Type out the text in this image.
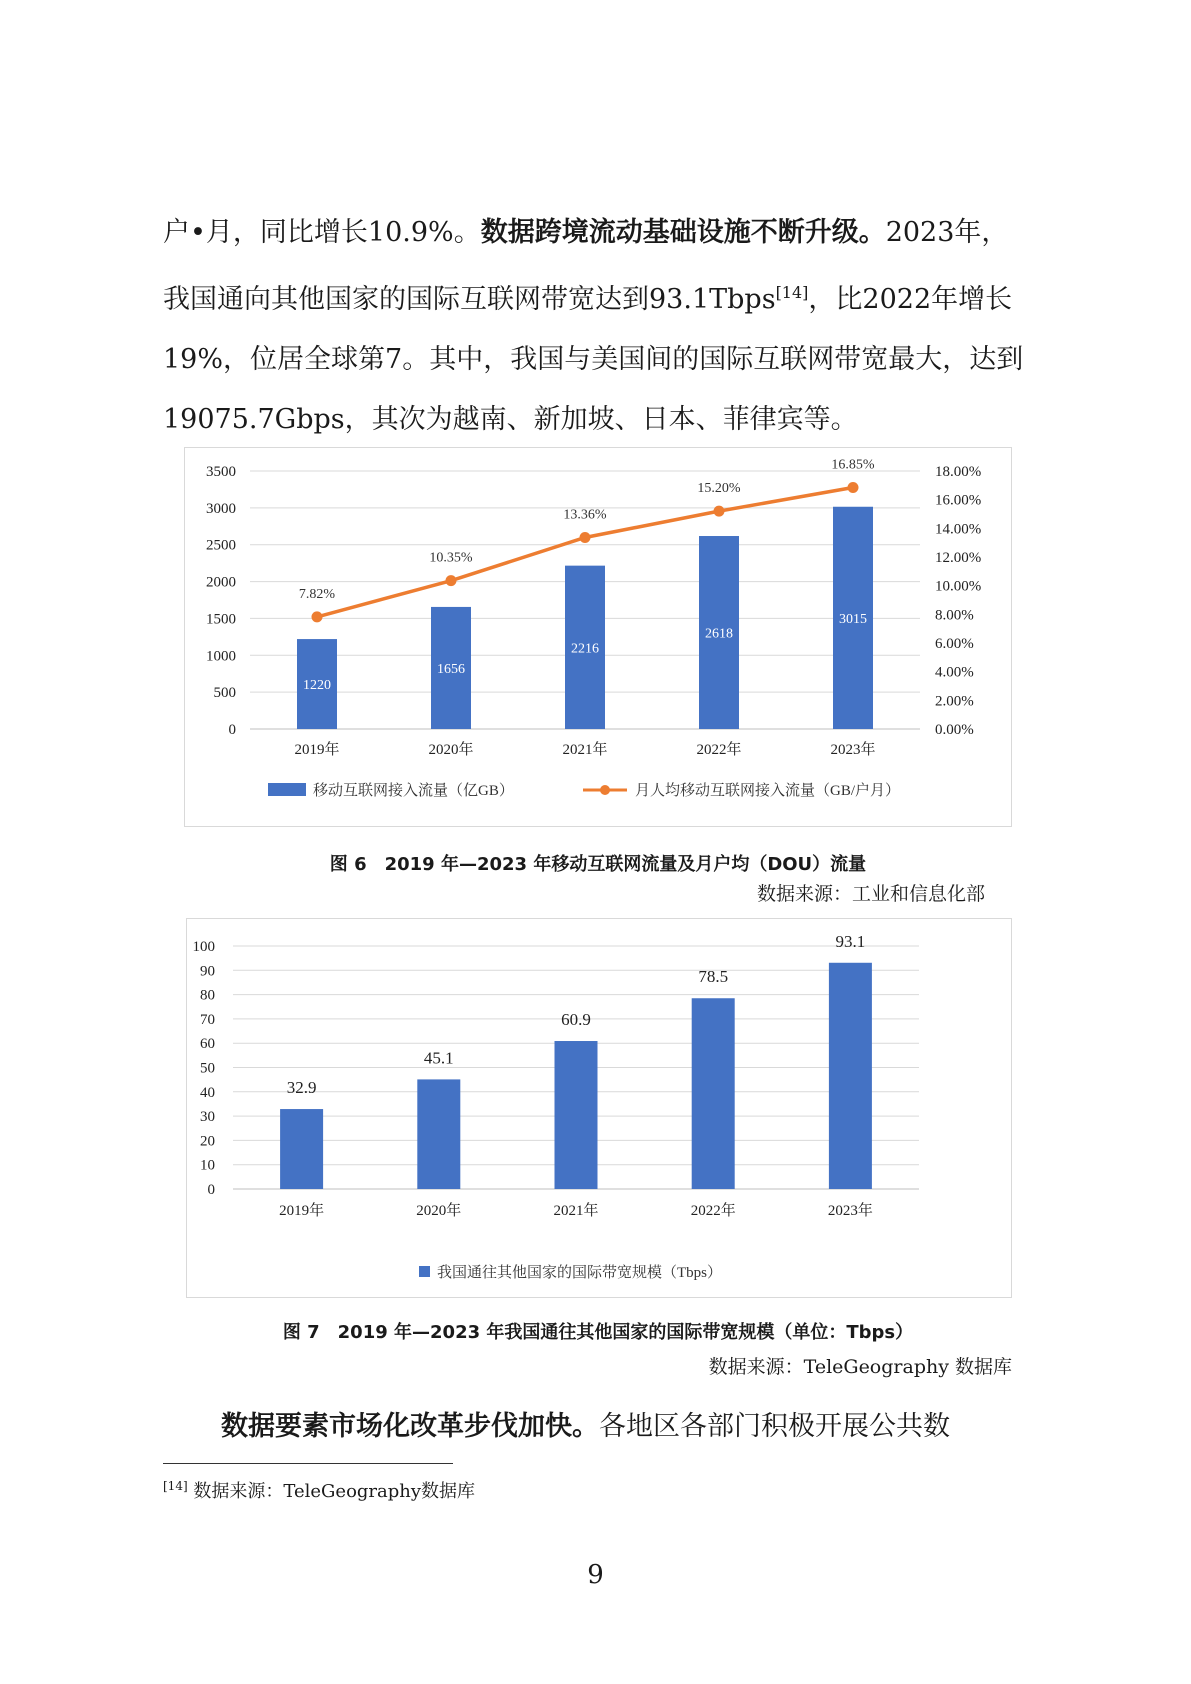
户•月，同比增长10.9%。数据跨境流动基础设施不断升级。2023年，我国通向其他国家的国际互联网带宽达到93.1Tbps[14]，比2022年增长19%，位居全球第7。其中，我国与美国间的国际互联网带宽最大，达到19075.7Gbps，其次为越南、新加坡、日本、菲律宾等。

0
500
1000
1500
2000
2500
3000
3500
0.00%
2.00%
4.00%
6.00%
8.00%
10.00%
12.00%
14.00%
16.00%
18.00%
1220
1656
2216
2618
3015
2019年	2020年	2021年	2022年	2023年
7.82%
10.35%
13.36%
15.20%
16.85%
移动互联网接入流量（亿GB）	月人均移动互联网接入流量（GB/户月）
图 6　2019 年—2023 年移动互联网流量及月户均（DOU）流量
数据来源：工业和信息化部
0
10
20
30
40
50
60
70
80
90
100
32.9
45.1
60.9
78.5
93.1
2019年	2020年	2021年	2022年	2023年
我国通往其他国家的国际带宽规模（Tbps）
图 7　2019 年—2023 年我国通往其他国家的国际带宽规模（单位：Tbps）
数据来源：TeleGeography 数据库

数据要素市场化改革步伐加快。各地区各部门积极开展公共数

[14] 数据来源：TeleGeography数据库
9
